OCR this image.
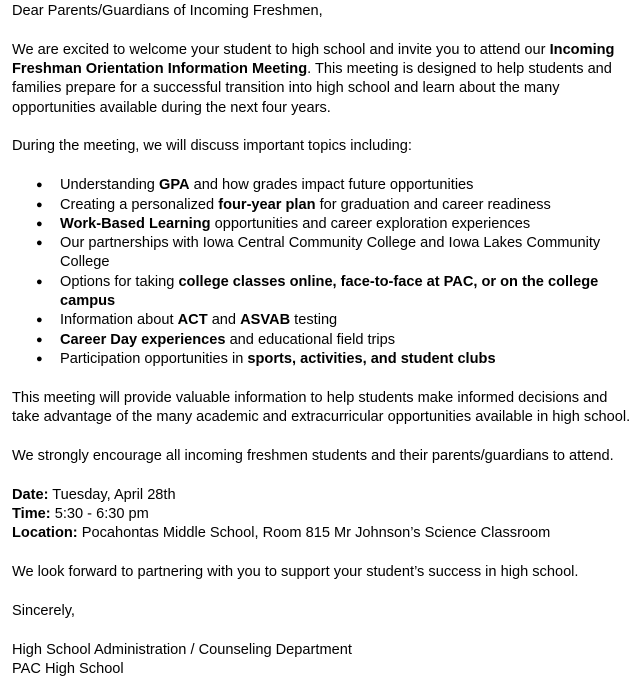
Dear Parents/Guardians of Incoming Freshmen,

We are excited to welcome your student to high school and invite you to attend our Incoming Freshman Orientation Information Meeting. This meeting is designed to help students and families prepare for a successful transition into high school and learn about the many opportunities available during the next four years.

During the meeting, we will discuss important topics including:

● Understanding GPA and how grades impact future opportunities
● Creating a personalized four-year plan for graduation and career readiness
● Work-Based Learning opportunities and career exploration experiences
● Our partnerships with Iowa Central Community College and Iowa Lakes Community College
● Options for taking college classes online, face-to-face at PAC, or on the college campus
● Information about ACT and ASVAB testing
● Career Day experiences and educational field trips
● Participation opportunities in sports, activities, and student clubs

This meeting will provide valuable information to help students make informed decisions and take advantage of the many academic and extracurricular opportunities available in high school.

We strongly encourage all incoming freshmen students and their parents/guardians to attend.

Date: Tuesday, April 28th
Time: 5:30 - 6:30 pm
Location: Pocahontas Middle School, Room 815 Mr Johnson’s Science Classroom

We look forward to partnering with you to support your student’s success in high school.

Sincerely,

High School Administration / Counseling Department
PAC High School
